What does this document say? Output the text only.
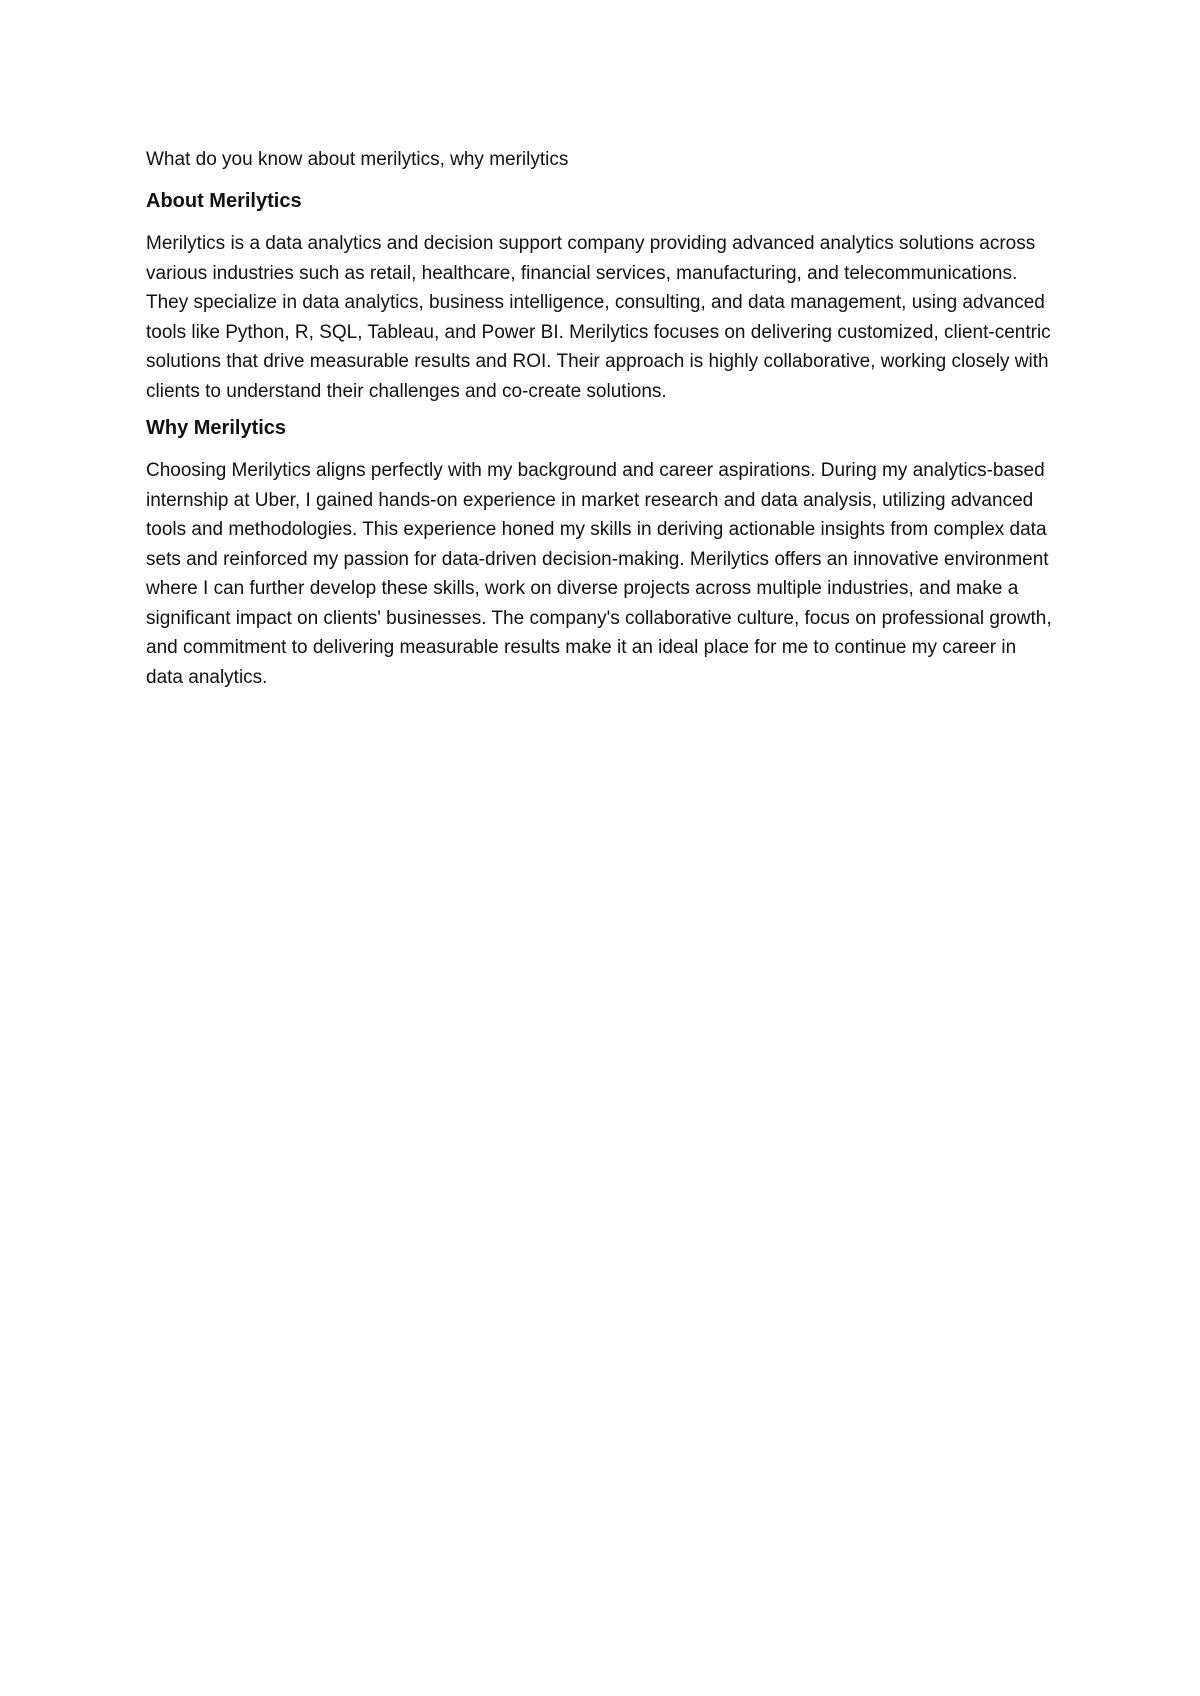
What do you know about merilytics, why merilytics

About Merilytics

Merilytics is a data analytics and decision support company providing advanced analytics solutions across various industries such as retail, healthcare, financial services, manufacturing, and telecommunications. They specialize in data analytics, business intelligence, consulting, and data management, using advanced tools like Python, R, SQL, Tableau, and Power BI. Merilytics focuses on delivering customized, client-centric solutions that drive measurable results and ROI. Their approach is highly collaborative, working closely with clients to understand their challenges and co-create solutions.

Why Merilytics

Choosing Merilytics aligns perfectly with my background and career aspirations. During my analytics-based internship at Uber, I gained hands-on experience in market research and data analysis, utilizing advanced tools and methodologies. This experience honed my skills in deriving actionable insights from complex data sets and reinforced my passion for data-driven decision-making. Merilytics offers an innovative environment where I can further develop these skills, work on diverse projects across multiple industries, and make a significant impact on clients' businesses. The company's collaborative culture, focus on professional growth, and commitment to delivering measurable results make it an ideal place for me to continue my career in data analytics.
